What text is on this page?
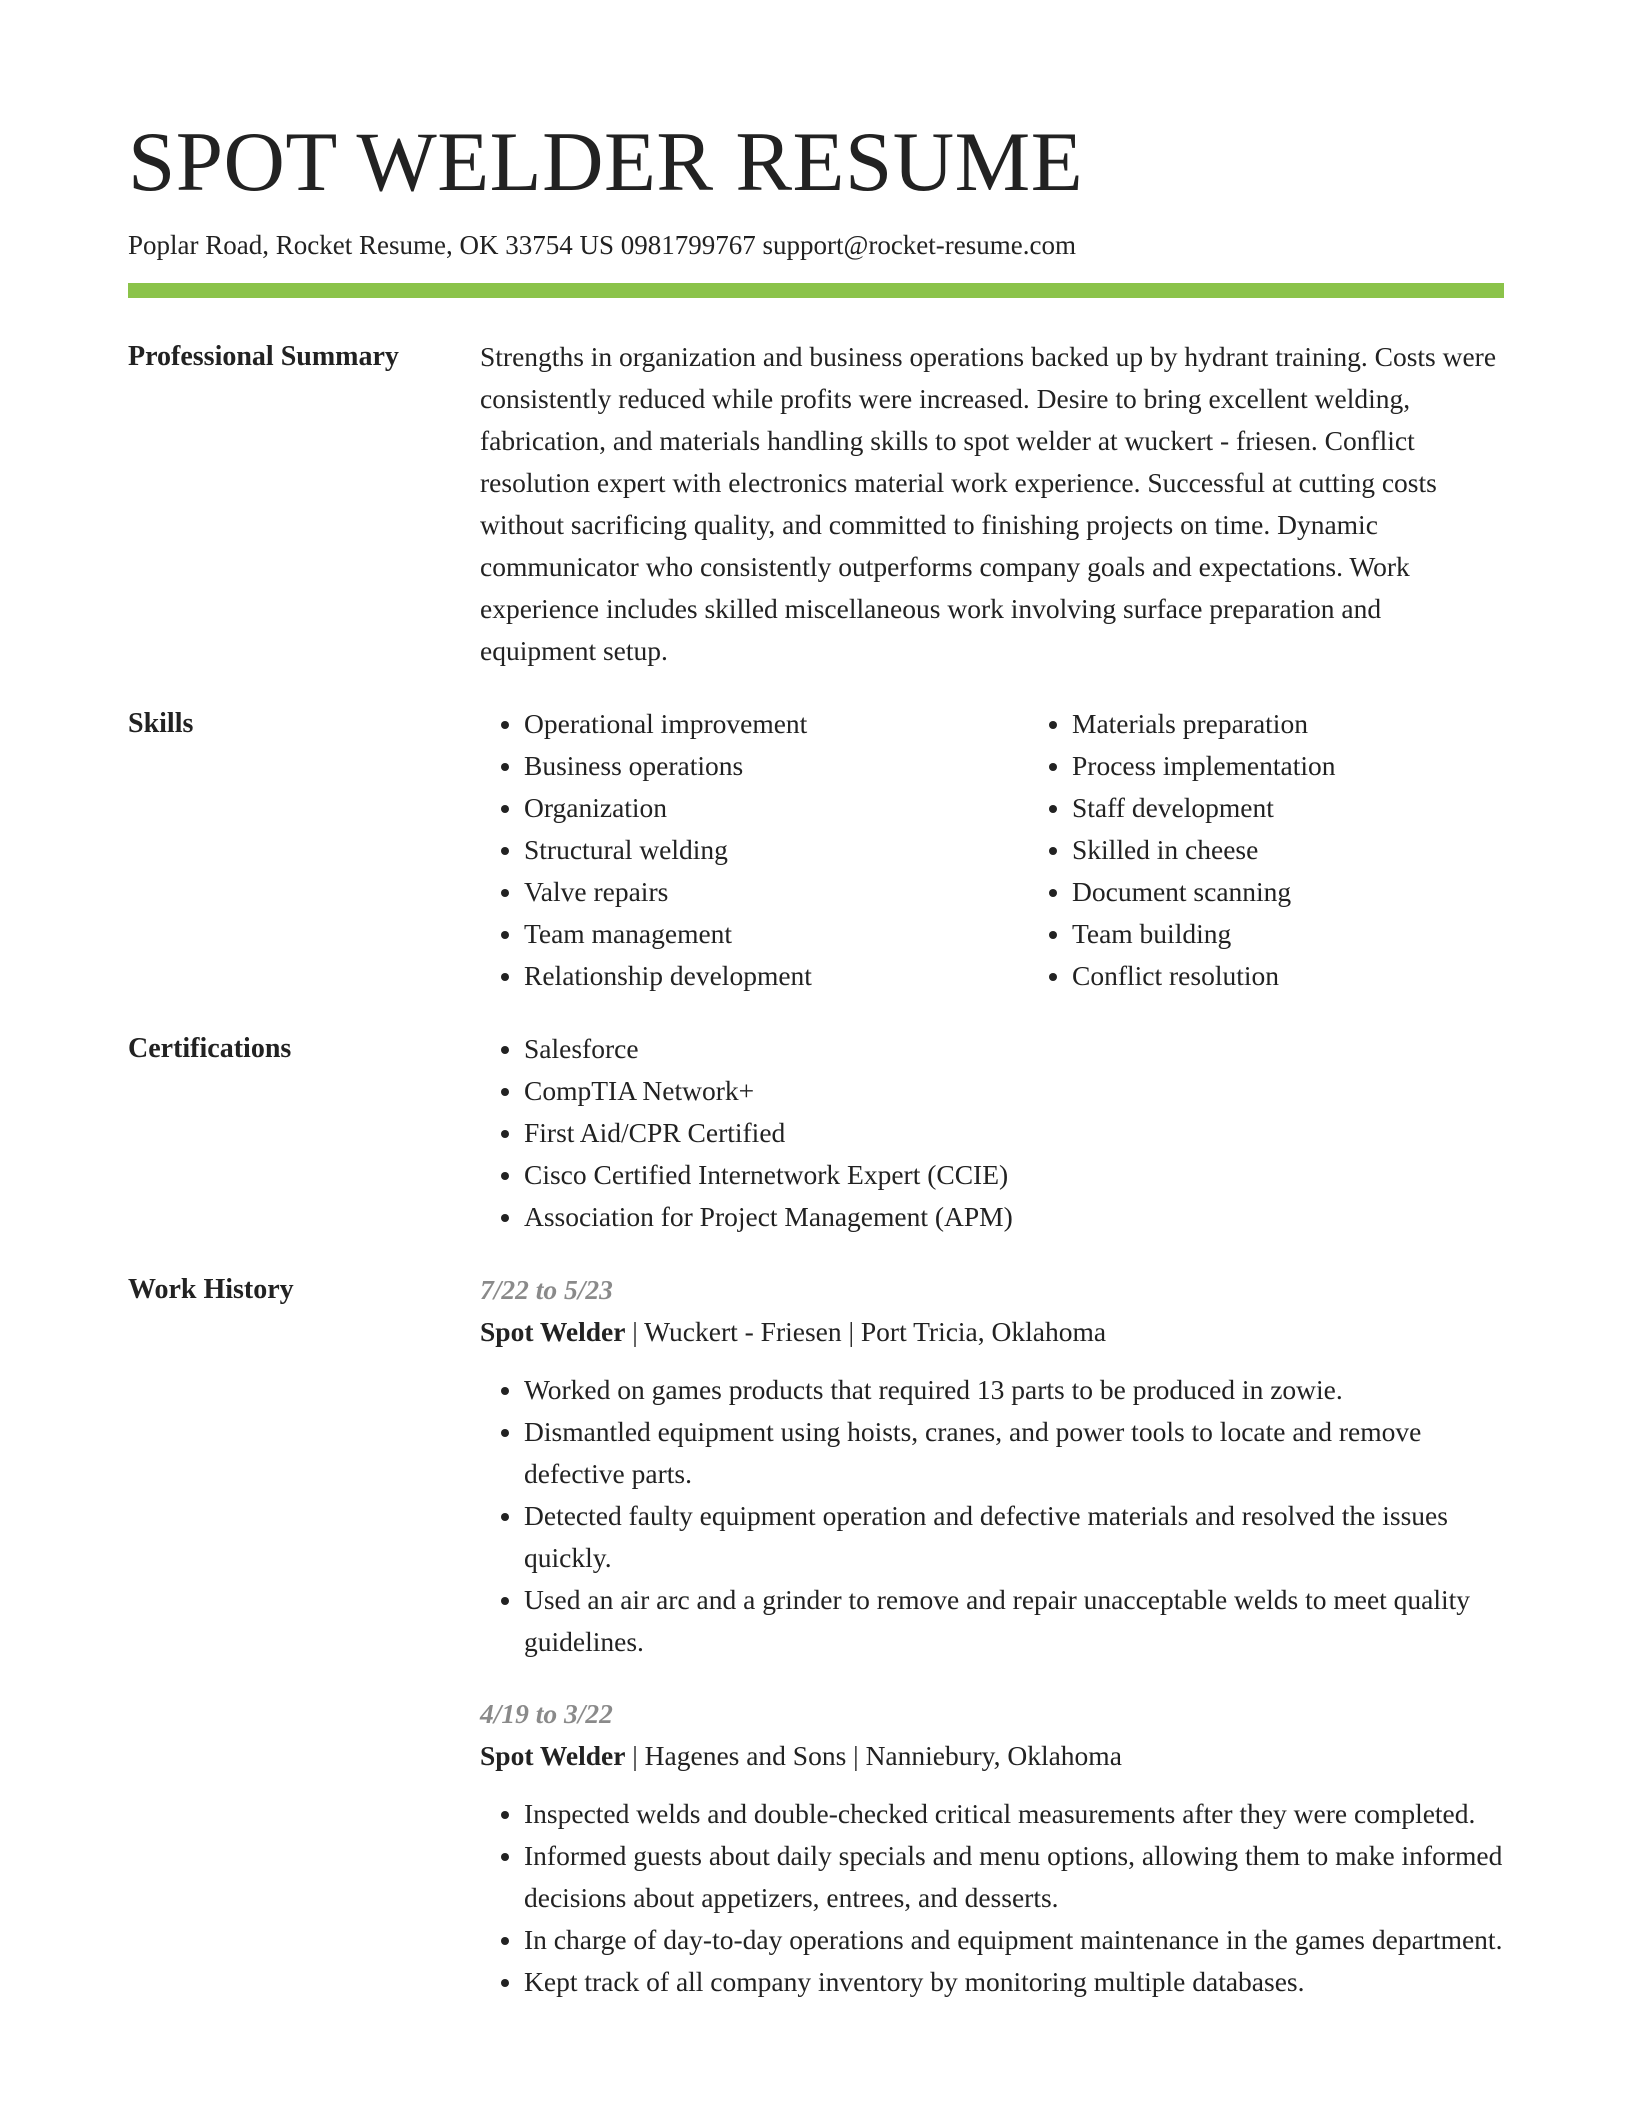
SPOT WELDER RESUME
Poplar Road, Rocket Resume, OK 33754 US 0981799767 support@rocket-resume.com
Professional Summary	Strengths in organization and business operations backed up by hydrant training. Costs were consistently reduced while profits were increased. Desire to bring excellent welding, fabrication, and materials handling skills to spot welder at wuckert - friesen. Conflict resolution expert with electronics material work experience. Successful at cutting costs without sacrificing quality, and committed to finishing projects on time. Dynamic communicator who consistently outperforms company goals and expectations. Work experience includes skilled miscellaneous work involving surface preparation and equipment setup.

Skills	• Operational improvement
• Business operations
• Organization
• Structural welding
• Valve repairs
• Team management
• Relationship development
• Materials preparation
• Process implementation
• Staff development
• Skilled in cheese
• Document scanning
• Team building
• Conflict resolution
Certifications	• Salesforce
• CompTIA Network+
• First Aid/CPR Certified
• Cisco Certified Internetwork Expert (CCIE)
• Association for Project Management (APM)
Work History	7/22 to 5/23
Spot Welder | Wuckert - Friesen | Port Tricia, Oklahoma
• Worked on games products that required 13 parts to be produced in zowie.
• Dismantled equipment using hoists, cranes, and power tools to locate and remove defective parts.
• Detected faulty equipment operation and defective materials and resolved the issues quickly.
• Used an air arc and a grinder to remove and repair unacceptable welds to meet quality guidelines.
4/19 to 3/22
Spot Welder | Hagenes and Sons | Nanniebury, Oklahoma
• Inspected welds and double-checked critical measurements after they were completed.
• Informed guests about daily specials and menu options, allowing them to make informed decisions about appetizers, entrees, and desserts.
• In charge of day-to-day operations and equipment maintenance in the games department.
• Kept track of all company inventory by monitoring multiple databases.
